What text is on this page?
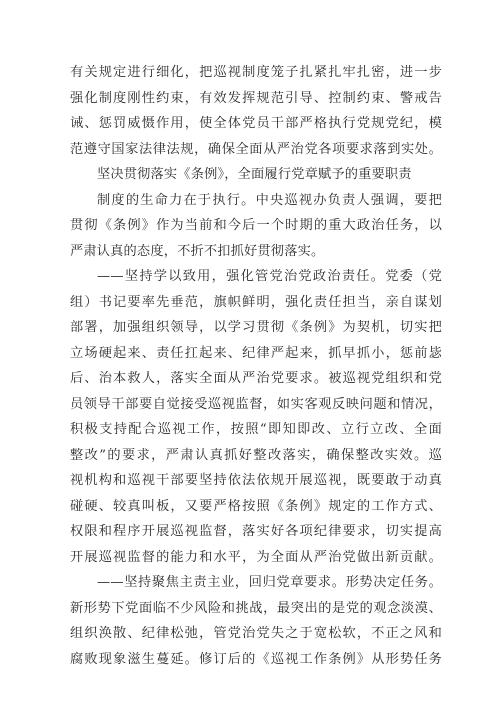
有关规定进行细化，把巡视制度笼子扎紧扎牢扎密，进一步
强化制度刚性约束，有效发挥规范引导、控制约束、警戒告
诫、惩罚威慑作用，使全体党员干部严格执行党规党纪，模
范遵守国家法律法规，确保全面从严治党各项要求落到实处。
坚决贯彻落实《条例》，全面履行党章赋予的重要职责
制度的生命力在于执行。中央巡视办负责人强调，要把
贯彻《条例》作为当前和今后一个时期的重大政治任务，以
严肃认真的态度，不折不扣抓好贯彻落实。
——坚持学以致用，强化管党治党政治责任。党委（党
组）书记要率先垂范，旗帜鲜明，强化责任担当，亲自谋划
部署，加强组织领导，以学习贯彻《条例》为契机，切实把
立场硬起来、责任扛起来、纪律严起来，抓早抓小，惩前毖
后、治本救人，落实全面从严治党要求。被巡视党组织和党
员领导干部要自觉接受巡视监督，如实客观反映问题和情况，
积极支持配合巡视工作，按照“即知即改、立行立改、全面
整改”的要求，严肃认真抓好整改落实，确保整改实效。巡
视机构和巡视干部要坚持依法依规开展巡视，既要敢于动真
碰硬、较真叫板，又要严格按照《条例》规定的工作方式、
权限和程序开展巡视监督，落实好各项纪律要求，切实提高
开展巡视监督的能力和水平，为全面从严治党做出新贡献。
——坚持聚焦主责主业，回归党章要求。形势决定任务。
新形势下党面临不少风险和挑战，最突出的是党的观念淡漠、
组织涣散、纪律松弛，管党治党失之于宽松软，不正之风和
腐败现象滋生蔓延。修订后的《巡视工作条例》从形势任务
